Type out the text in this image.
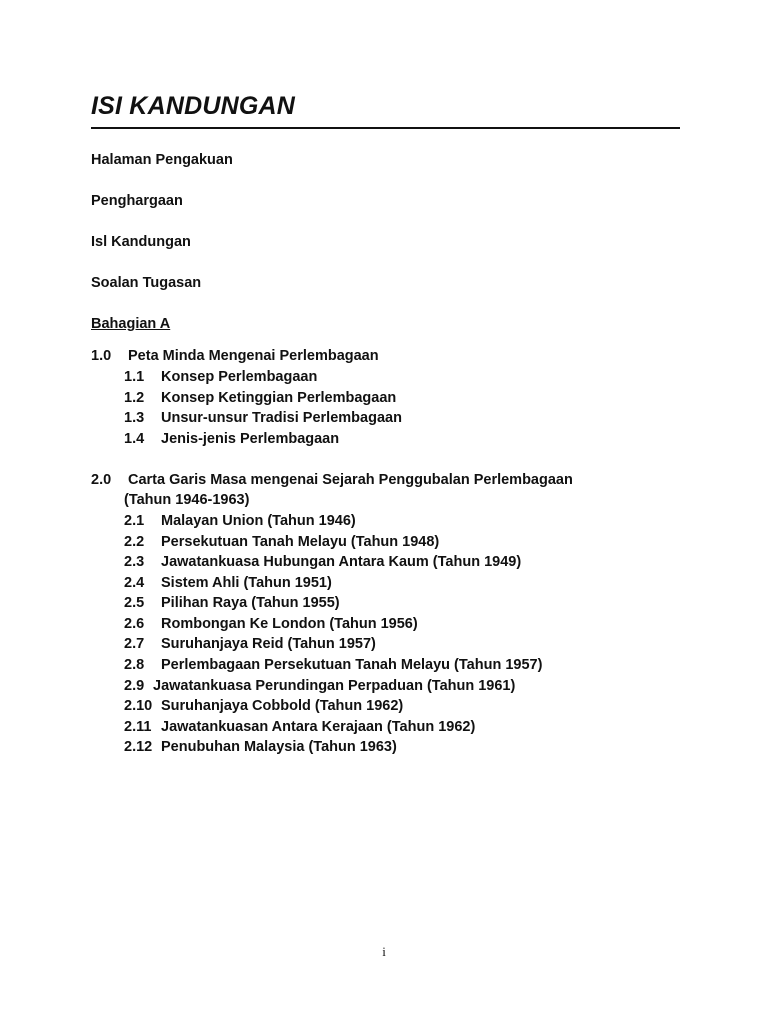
ISI KANDUNGAN
Halaman Pengakuan
Penghargaan
Isl Kandungan
Soalan Tugasan
Bahagian A
1.0 Peta Minda Mengenai Perlembagaan
1.1 Konsep Perlembagaan
1.2 Konsep Ketinggian Perlembagaan
1.3 Unsur-unsur Tradisi Perlembagaan
1.4 Jenis-jenis Perlembagaan
2.0 Carta Garis Masa mengenai Sejarah Penggubalan Perlembagaan
(Tahun 1946-1963)
2.1 Malayan Union (Tahun 1946)
2.2 Persekutuan Tanah Melayu (Tahun 1948)
2.3 Jawatankuasa Hubungan Antara Kaum (Tahun 1949)
2.4 Sistem Ahli (Tahun 1951)
2.5 Pilihan Raya (Tahun 1955)
2.6 Rombongan Ke London (Tahun 1956)
2.7 Suruhanjaya Reid (Tahun 1957)
2.8 Perlembagaan Persekutuan Tanah Melayu (Tahun 1957)
2.9 Jawatankuasa Perundingan Perpaduan (Tahun 1961)
2.10 Suruhanjaya Cobbold (Tahun 1962)
2.11 Jawatankuasan Antara Kerajaan (Tahun 1962)
2.12 Penubuhan Malaysia (Tahun 1963)
i
